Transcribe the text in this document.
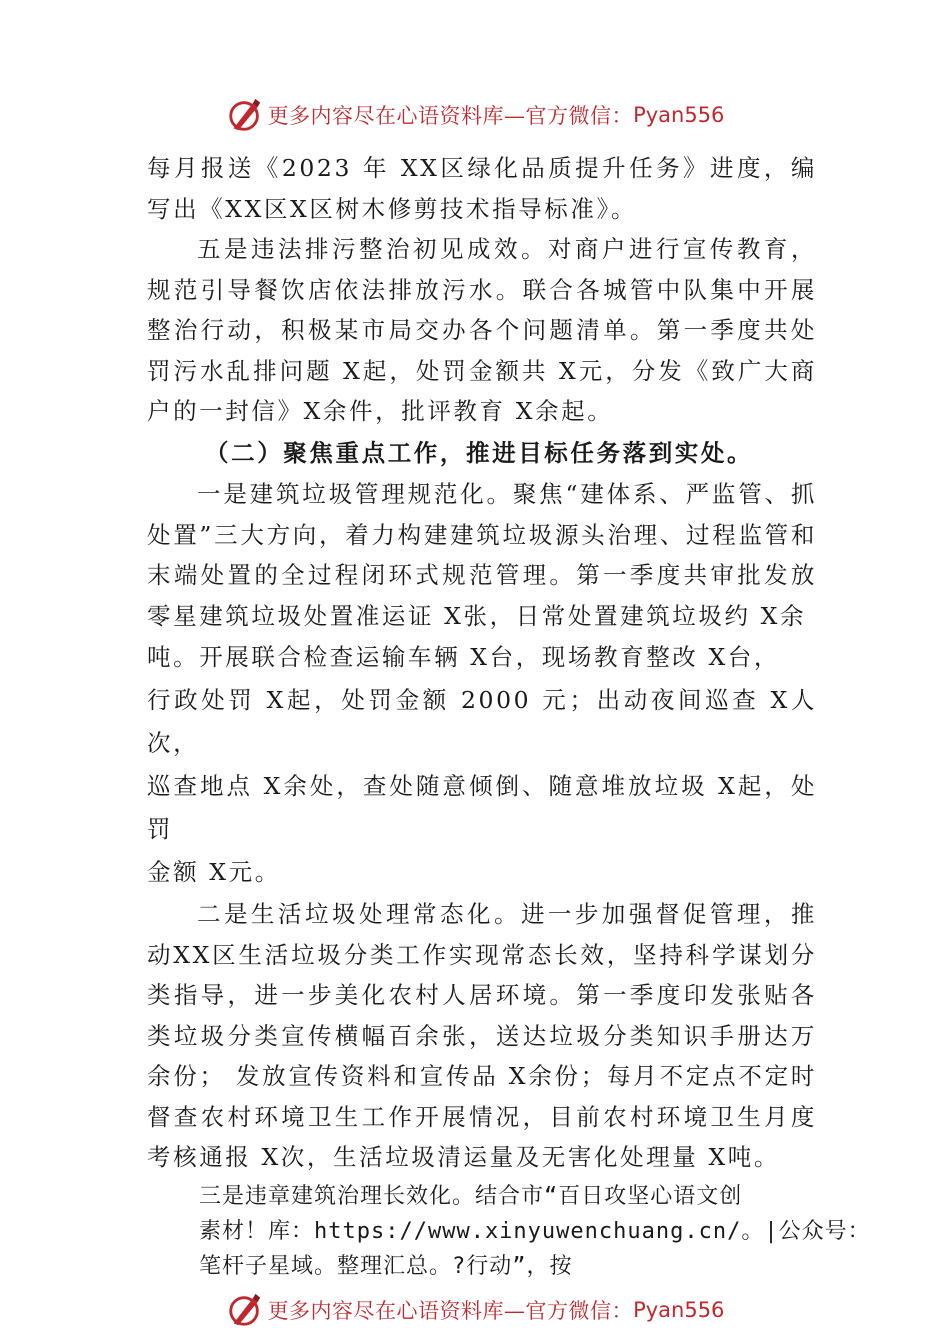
更多内容尽在心语资料库—官方微信： Pyan556

每月报送《2023 年 XX区绿化品质提升任务》进度，编写出《XX区X区树木修剪技术指导标准》。

五是违法排污整治初见成效。对商户进行宣传教育，规范引导餐饮店依法排放污水。联合各城管中队集中开展整治行动，积极某市局交办各个问题清单。第一季度共处罚污水乱排问题 X起，处罚金额共 X元，分发《致广大商户的一封信》X余件，批评教育 X余起。

（二）聚焦重点工作，推进目标任务落到实处。

一是建筑垃圾管理规范化。聚焦“建体系、严监管、抓处置”三大方向，着力构建建筑垃圾源头治理、过程监管和末端处置的全过程闭环式规范管理。第一季度共审批发放零星建筑垃圾处置准运证 X张，日常处置建筑垃圾约 X余

吨。开展联合检查运输车辆 X台，现场教育整改 X台，

行政处罚 X起，处罚金额 2000 元；出动夜间巡查 X人次，

巡查地点 X余处，查处随意倾倒、随意堆放垃圾 X起，处罚

金额 X元。

二是生活垃圾处理常态化。进一步加强督促管理，推动XX区生活垃圾分类工作实现常态长效，坚持科学谋划分类指导，进一步美化农村人居环境。第一季度印发张贴各类垃圾分类宣传横幅百余张，送达垃圾分类知识手册达万余份； 发放宣传资料和宣传品 X余份；每月不定点不定时督查农村环境卫生工作开展情况，目前农村环境卫生月度考核通报 X次，生活垃圾清运量及无害化处理量 X吨。

三是违章建筑治理长效化。结合市“百日攻坚心语文创

素材！库：https://www.xinyuwenchuang.cn/。|公众号：

笔杆子星域。整理汇总。?行动”，按

更多内容尽在心语资料库—官方微信： Pyan556
